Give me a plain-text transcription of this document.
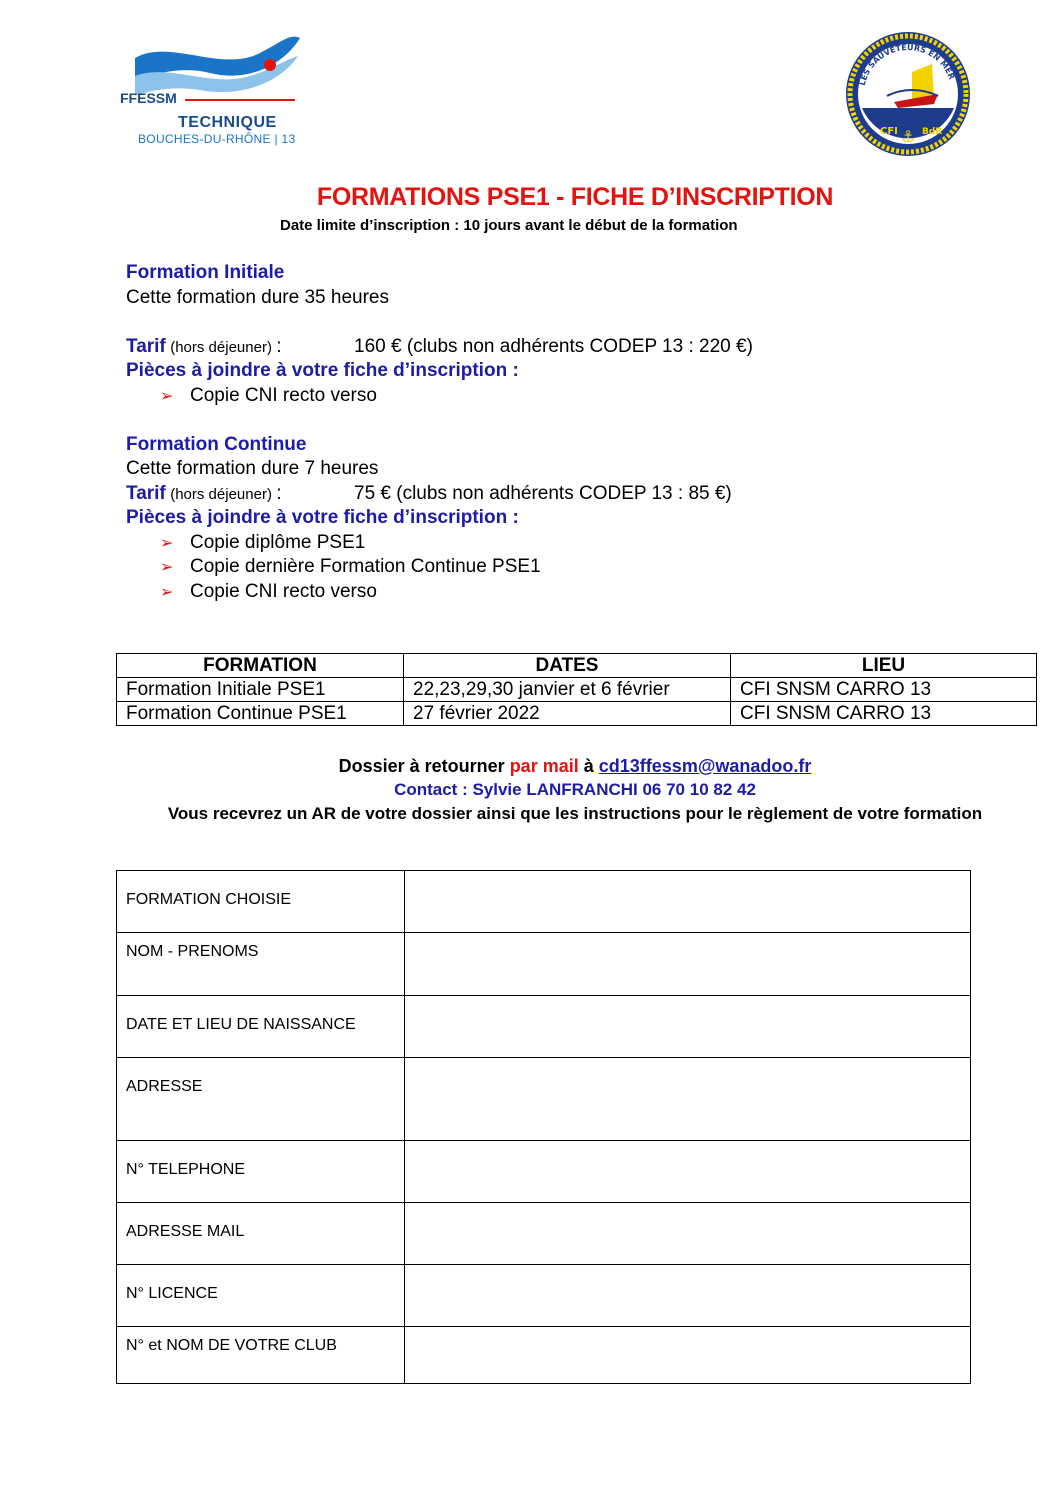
FFESSM
TECHNIQUE
BOUCHES-DU-RHÔNE | 13
LES SAUVETEURS EN MER
CFI	BdR
⚓
FORMATIONS PSE1 - FICHE D’INSCRIPTION
Date limite d’inscription : 10 jours avant le début de la formation
Formation Initiale
Cette formation dure 35 heures
Tarif (hors déjeuner) :	160 € (clubs non adhérents CODEP 13 : 220 €)
Pièces à joindre à votre fiche d’inscription :
➢ Copie CNI recto verso
Formation Continue
Cette formation dure 7 heures
Tarif (hors déjeuner) :	75 € (clubs non adhérents CODEP 13 : 85 €)
Pièces à joindre à votre fiche d’inscription :
➢ Copie diplôme PSE1
➢ Copie dernière Formation Continue PSE1
➢ Copie CNI recto verso
FORMATION	DATES	LIEU
Formation Initiale PSE1	22,23,29,30 janvier et 6 février	CFI SNSM CARRO 13
Formation Continue PSE1	27 février 2022	CFI SNSM CARRO 13
Dossier à retourner par mail à cd13ffessm@wanadoo.fr
Contact : Sylvie LANFRANCHI 06 70 10 82 42
Vous recevrez un AR de votre dossier ainsi que les instructions pour le règlement de votre formation
FORMATION CHOISIE	
NOM - PRENOMS	
DATE ET LIEU DE NAISSANCE	
ADRESSE	
N° TELEPHONE	
ADRESSE MAIL	
N° LICENCE	
N° et NOM DE VOTRE CLUB	
